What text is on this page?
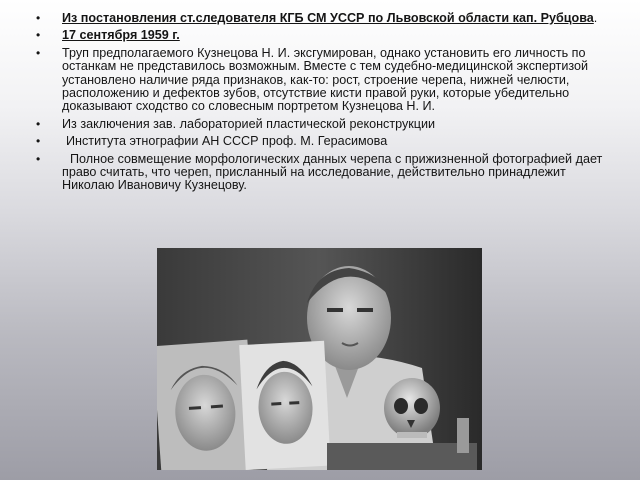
•	Из постановления ст.следователя КГБ СМ УССР по Львовской области кап. Рубцова.
•	17 сентября 1959 г.
•	Труп предполагаемого Кузнецова Н. И. эксгумирован, однако установить его личность по останкам не представилось возможным. Вместе с тем судебно-медицинской экспертизой установлено наличие ряда признаков, как-то: рост, строение черепа, нижней челюсти, расположению и дефектов зубов, отсутствие кисти правой руки, которые убедительно доказывают сходство со словесным портретом Кузнецова Н. И.
•	Из заключения зав. лабораторией пластической реконструкции
•	Института этнографии АН СССР проф. М. Герасимова
•	Полное совмещение морфологических данных черепа с прижизненной фотографией дает право считать, что череп, присланный на исследование, действительно принадлежит Николаю Ивановичу Кузнецову.
